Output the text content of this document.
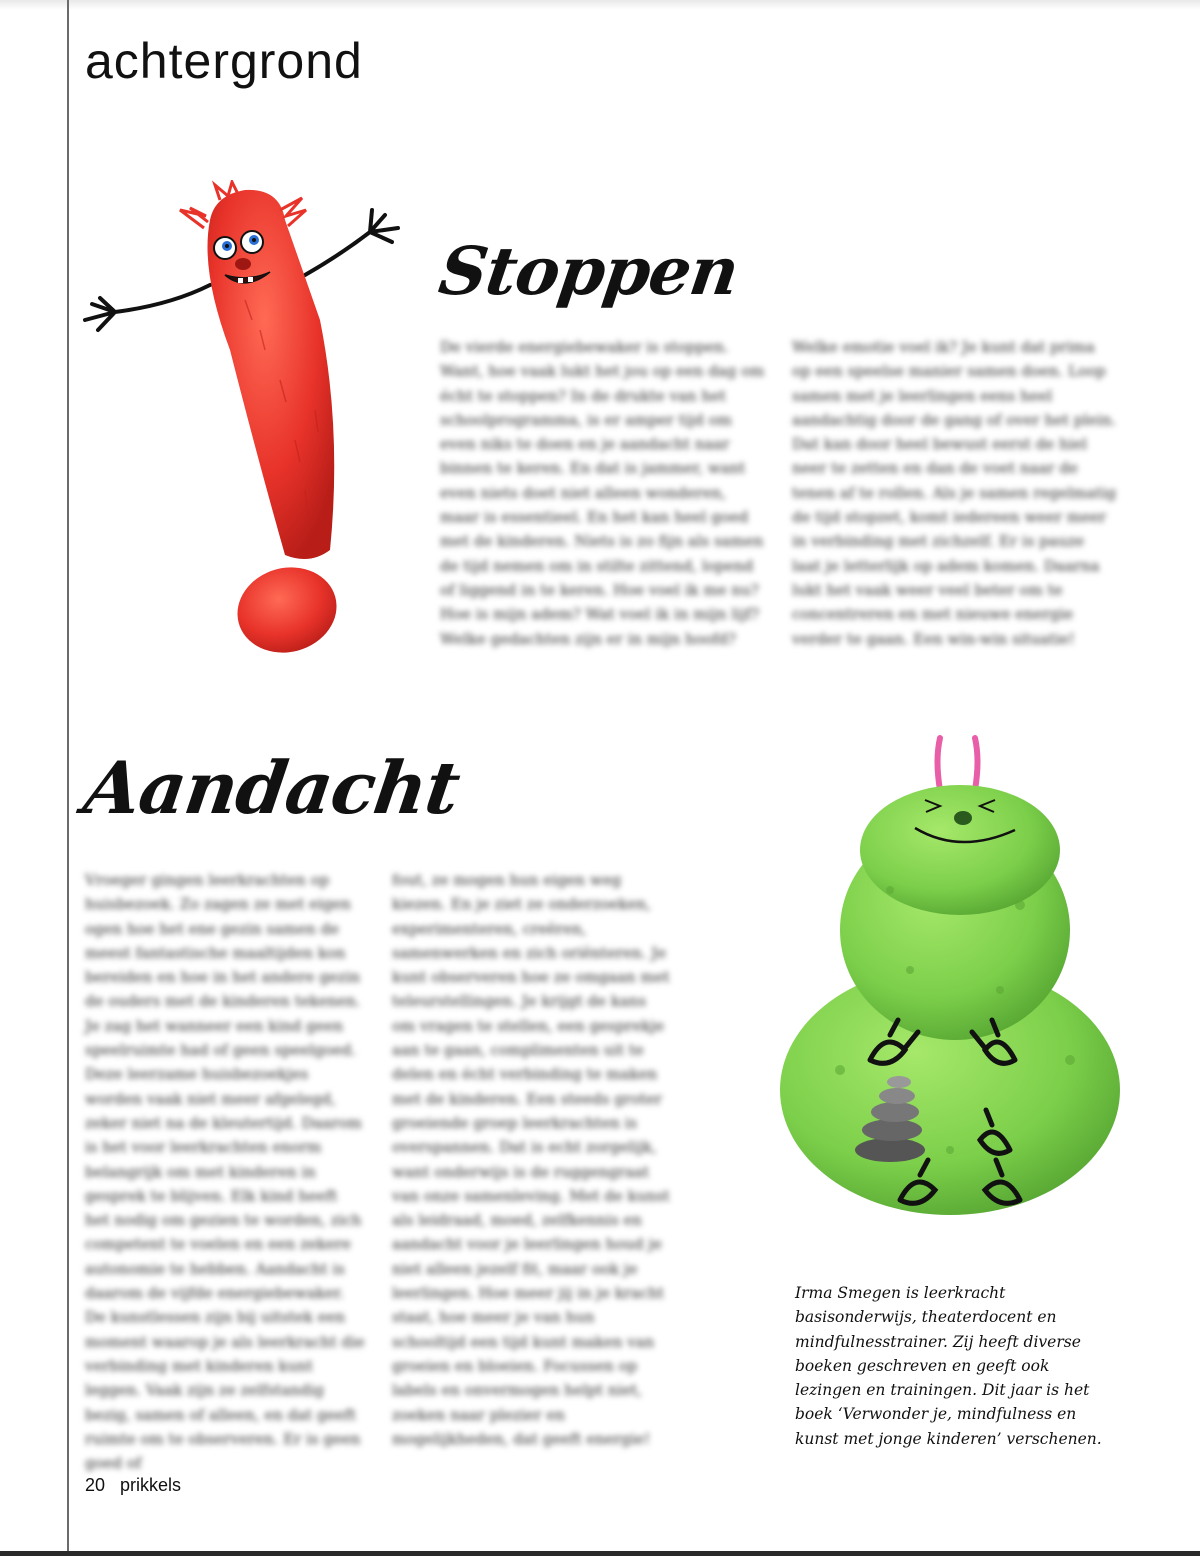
achtergrond
Stoppen

De vierde energiebewaker is stoppen. Want, hoe vaak lukt het jou op een dag om écht te stoppen? In de drukte van het schoolprogramma, is er amper tijd om even niks te doen en je aandacht naar binnen te keren. En dat is jammer, want even niets doet niet alleen wonderen, maar is essentieel. En het kan heel goed met de kinderen. Niets is zo fijn als samen de tijd nemen om in stilte zittend, lopend of liggend in te keren. Hoe voel ik me nu? Hoe is mijn adem? Wat voel ik in mijn lijf? Welke gedachten zijn er in mijn hoofd?

Welke emotie voel ik? Je kunt dat prima op een speelse manier samen doen. Loop samen met je leerlingen eens heel aandachtig door de gang of over het plein. Dat kan door heel bewust eerst de hiel neer te zetten en dan de voet naar de tenen af te rollen. Als je samen regelmatig de tijd stopzet, komt iedereen weer meer in verbinding met zichzelf. Er is pauze laat je letterlijk op adem komen. Daarna lukt het vaak weer veel beter om te concentreren en met nieuwe energie verder te gaan. Een win-win situatie!

Aandacht

Vroeger gingen leerkrachten op huisbezoek. Zo zagen ze met eigen ogen hoe het ene gezin samen de meest fantastische maaltijden kon bereiden en hoe in het andere gezin de ouders met de kinderen tekenen. Je zag het wanneer een kind geen speelruimte had of geen speelgoed. Deze leerzame huisbezoekjes worden vaak niet meer afgelegd, zeker niet na de kleutertijd. Daarom is het voor leerkrachten enorm belangrijk om met kinderen in gesprek te blijven. Elk kind heeft het nodig om gezien te worden, zich competent te voelen en een zekere autonomie te hebben. Aandacht is daarom de vijfde energiebewaker. De kunstlessen zijn bij uitstek een moment waarop je als leerkracht die verbinding met kinderen kunt leggen. Vaak zijn ze zelfstandig bezig, samen of alleen, en dat geeft ruimte om te observeren. Er is geen goed of

fout, ze mogen hun eigen weg kiezen. En je ziet ze onderzoeken, experimenteren, creëren, samenwerken en zich oriënteren. Je kunt observeren hoe ze omgaan met teleurstellingen. Je krijgt de kans om vragen te stellen, een gesprekje aan te gaan, complimenten uit te delen en écht verbinding te maken met de kinderen. Een steeds groter groeiende groep leerkrachten is overspannen. Dat is echt zorgelijk, want onderwijs is de ruggengraat van onze samenleving. Met de kunst als leidraad, moed, zelfkennis en aandacht voor je leerlingen houd je niet alleen jezelf fit, maar ook je leerlingen. Hoe meer jij in je kracht staat, hoe meer je van hun schooltijd een tijd kunt maken van groeien en bloeien. Focussen op labels en onvermogen helpt niet, zoeken naar plezier en mogelijkheden, dat geeft energie!

Irma Smegen is leerkracht basisonderwijs, theaterdocent en mindfulnesstrainer. Zij heeft diverse boeken geschreven en geeft ook lezingen en trainingen. Dit jaar is het boek ‘Verwonder je, mindfulness en kunst met jonge kinderen’ verschenen.

20 prikkels
